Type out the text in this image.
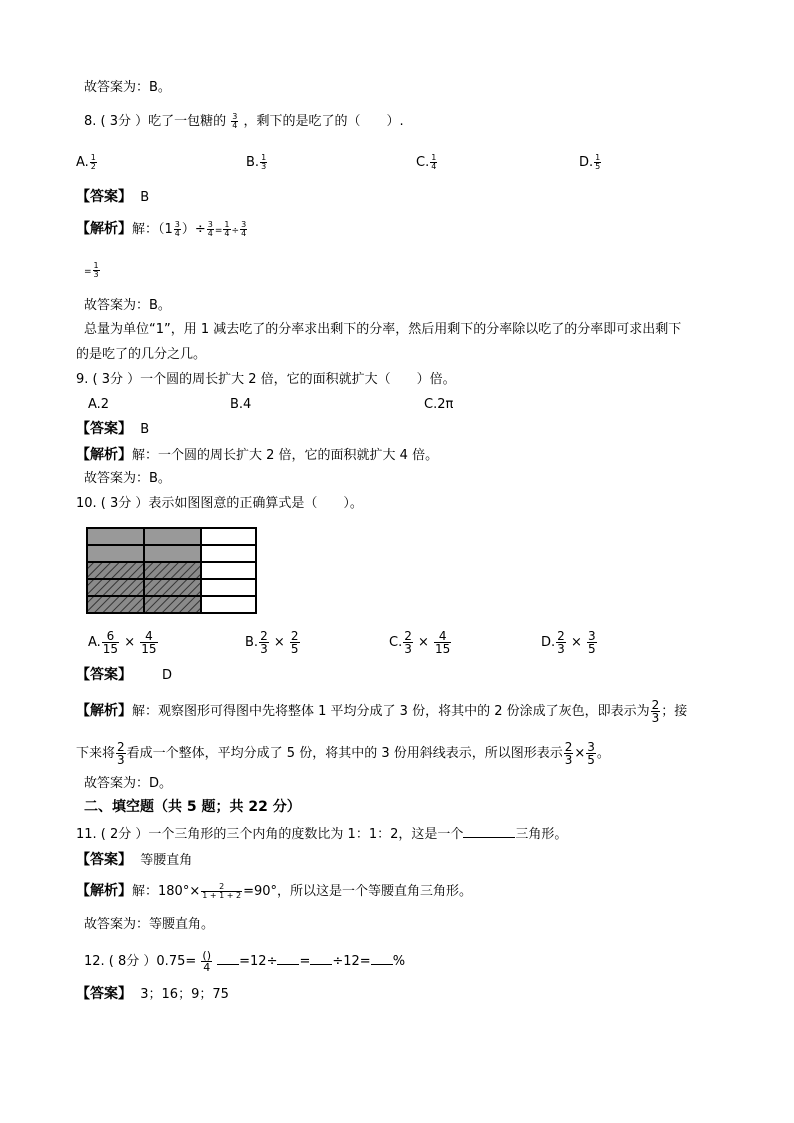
故答案为：B。
8. ( 3分 ）吃了一包糖的 $\frac{3}{4}$ ，剩下的是吃了的（　　）.
A. $\frac{1}{2}$	B. $\frac{1}{3}$	C. $\frac{1}{4}$	D. $\frac{1}{5}$
【答案】 B
【解析】解：（$1 \frac{3}{4}$ ）÷ $\frac{3}{4} = \frac{1}{4} \div \frac{3}{4}$
= $\frac{1}{3}$
故答案为：B。
总量为单位“1”，用 1 减去吃了的分率求出剩下的分率，然后用剩下的分率除以吃了的分率即可求出剩下
的是吃了的几分之几。
9. ( 3分 ）一个圆的周长扩大 2 倍，它的面积就扩大（　　）倍。
A.2	B.4	C.2π
【答案】 B
【解析】解：一个圆的周长扩大 2 倍，它的面积就扩大 4 倍。
故答案为：B。
10. ( 3分 ）表示如图图意的正确算式是（　　）。
A. $\frac{6}{15} \times \frac{4}{15}$	B. $\frac{2}{3} \times \frac{2}{5}$	C. $\frac{2}{3} \times \frac{4}{15}$	D. $\frac{2}{3} \times \frac{3}{5}$
【答案】 D
【解析】解：观察图形可得图中先将整体 1 平均分成了 3 份，将其中的 2 份涂成了灰色，即表示为 $\frac{2}{3}$ ；接
下来将 $\frac{2}{3}$ 看成一个整体，平均分成了 5 份，将其中的 3 份用斜线表示，所以图形表示 $\frac{2}{3} \times \frac{3}{5}$ 。
故答案为：D。
二、填空题（共 5 题；共 22 分）
11. ( 2分 ）一个三角形的三个内角的度数比为 1：1：2，这是一个	三角形。
【答案】 等腰直角
【解析】解：$180^\circ\times \frac{2}{1 + 1 + 2} =90^\circ$，所以这是一个等腰直角三角形。
故答案为：等腰直角。
12. ( 8分 ）$0.75= \frac{()}{4} =12\div = \div 12=$ %
【答案】 3；16；9；75
